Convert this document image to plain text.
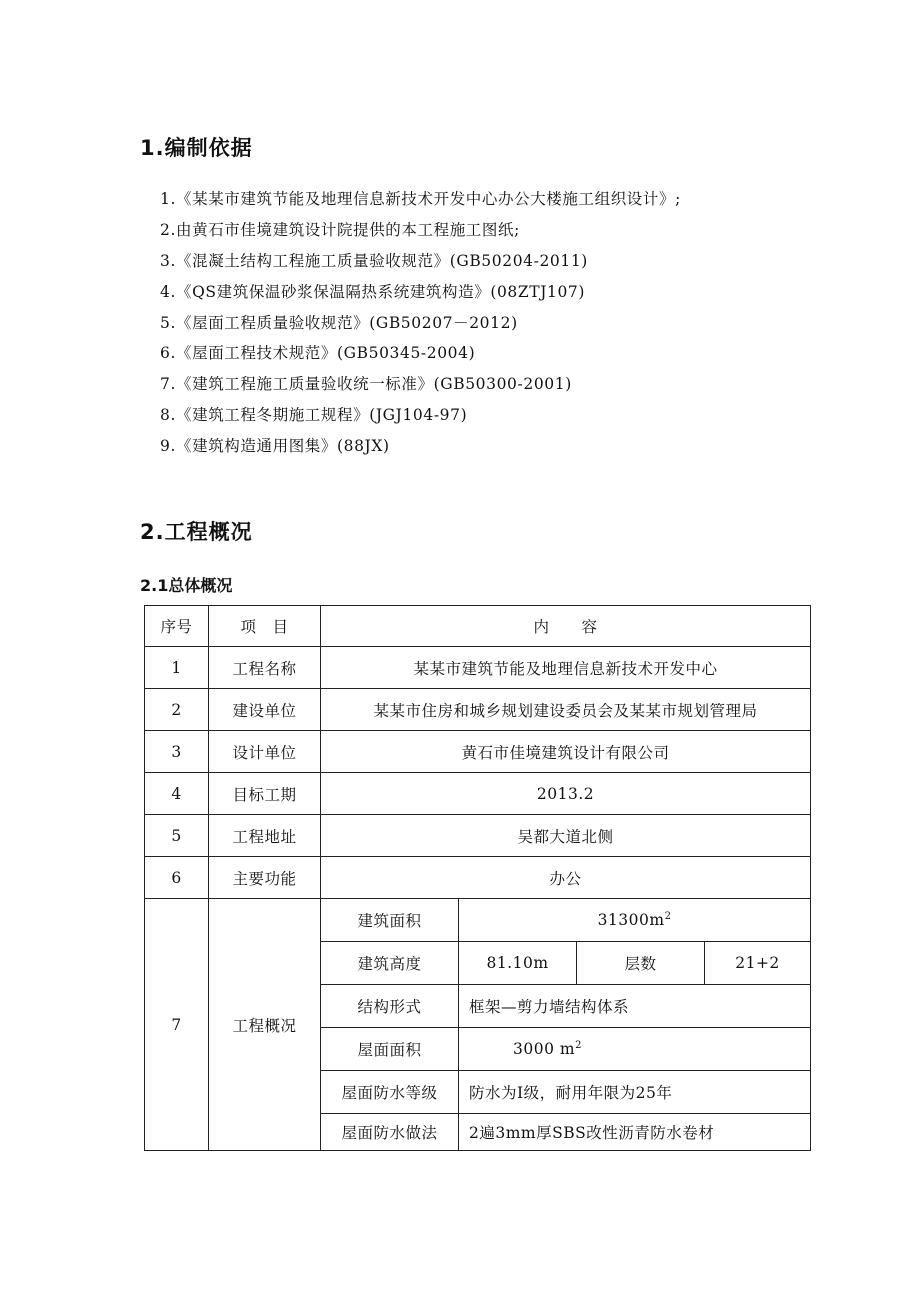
1.编制依据
1.《某某市建筑节能及地理信息新技术开发中心办公大楼施工组织设计》;
2.由黄石市佳境建筑设计院提供的本工程施工图纸;
3.《混凝土结构工程施工质量验收规范》(GB50204-2011)
4.《QS建筑保温砂浆保温隔热系统建筑构造》(08ZTJ107)
5.《屋面工程质量验收规范》(GB50207－2012)
6.《屋面工程技术规范》(GB50345-2004)
7.《建筑工程施工质量验收统一标准》(GB50300-2001)
8.《建筑工程冬期施工规程》(JGJ104-97)
9.《建筑构造通用图集》(88JX)
2.工程概况
2.1总体概况
序号	项　目	内　　容			
1	工程名称	某某市建筑节能及地理信息新技术开发中心			
2	建设单位	某某市住房和城乡规划建设委员会及某某市规划管理局			
3	设计单位	黄石市佳境建筑设计有限公司			
4	目标工期	2013.2			
5	工程地址	吴都大道北侧			
6	主要功能	办公			
7	工程概况	建筑面积	$31300m^2$
		建筑高度	81.10m	层数	21+2
		结构形式	框架—剪力墙结构体系		
		屋面面积	3000 $m^2$
		屋面防水等级	防水为Ⅰ级，耐用年限为25年		
		屋面防水做法	2遍3mm厚SBS改性沥青防水卷材		
